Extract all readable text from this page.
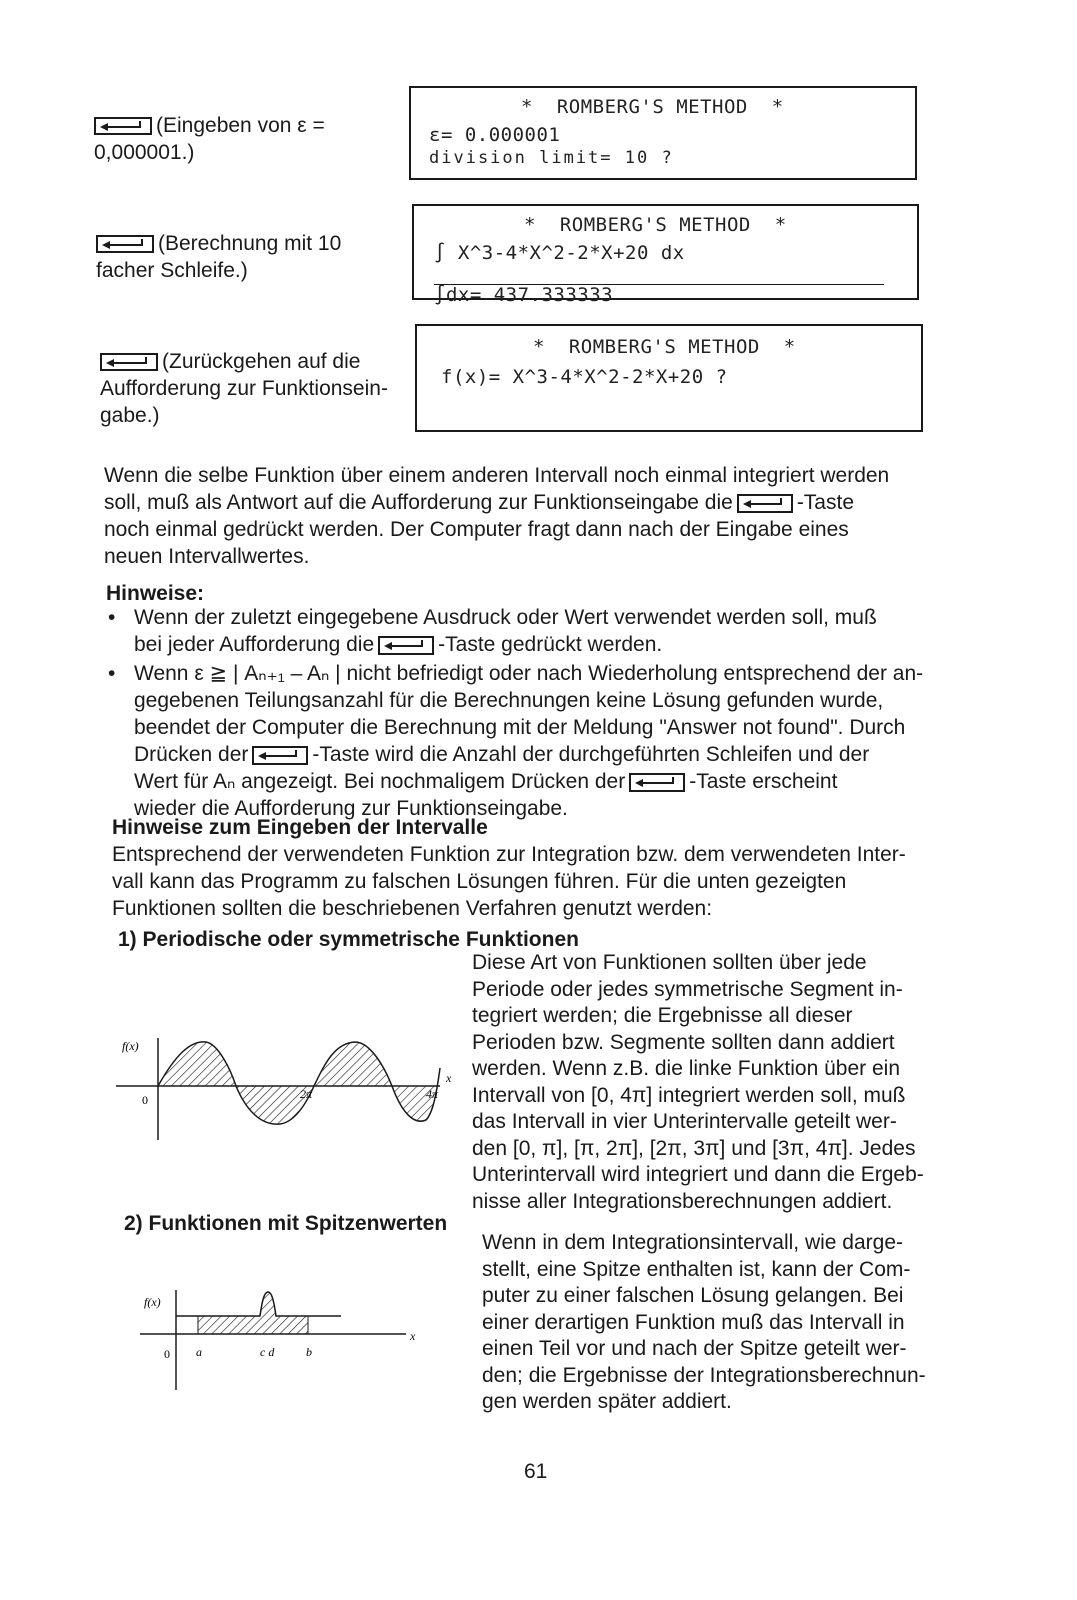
(Eingeben von ε = 0,000001.)
*  ROMBERG'S METHOD  *
ε= 0.000001
division limit= 10 ?
(Berechnung mit 10 facher Schleife.)
*  ROMBERG'S METHOD  *
∫ X^3-4*X^2-2*X+20 dx
∫dx= 437.333333
(Zurückgehen auf die Aufforderung zur Funktionsein-gabe.)
*  ROMBERG'S METHOD  *
f(x)= X^3-4*X^2-2*X+20 ?
Wenn die selbe Funktion über einem anderen Intervall noch einmal integriert werden
soll, muß als Antwort auf die Aufforderung zur Funktionseingabe die	-Taste
noch einmal gedrückt werden. Der Computer fragt dann nach der Eingabe eines
neuen Intervallwertes.
Hinweise:
• Wenn der zuletzt eingegebene Ausdruck oder Wert verwendet werden soll, muß
bei jeder Aufforderung die	-Taste gedrückt werden.
• Wenn ε ≧ | Aₙ₊₁ – Aₙ | nicht befriedigt oder nach Wiederholung entsprechend der an-
gegebenen Teilungsanzahl für die Berechnungen keine Lösung gefunden wurde,
beendet der Computer die Berechnung mit der Meldung "Answer not found". Durch
Drücken der	-Taste wird die Anzahl der durchgeführten Schleifen und der
Wert für Aₙ angezeigt. Bei nochmaligem Drücken der	-Taste erscheint
wieder die Aufforderung zur Funktionseingabe.
Hinweise zum Eingeben der Intervalle
Entsprechend der verwendeten Funktion zur Integration bzw. dem verwendeten Inter-
vall kann das Programm zu falschen Lösungen führen. Für die unten gezeigten
Funktionen sollten die beschriebenen Verfahren genutzt werden:
1) Periodische oder symmetrische Funktionen
Diese Art von Funktionen sollten über jede
Periode oder jedes symmetrische Segment in-
tegriert werden; die Ergebnisse all dieser
Perioden bzw. Segmente sollten dann addiert
werden. Wenn z.B. die linke Funktion über ein
Intervall von [0, 4π] integriert werden soll, muß
das Intervall in vier Unterintervalle geteilt wer-
den [0, π], [π, 2π], [2π, 3π] und [3π, 4π]. Jedes
Unterintervall wird integriert und dann die Ergeb-
nisse aller Integrationsberechnungen addiert.
f(x)
x
0	2π	4π
2) Funktionen mit Spitzenwerten
Wenn in dem Integrationsintervall, wie darge-
stellt, eine Spitze enthalten ist, kann der Com-
puter zu einer falschen Lösung gelangen. Bei
einer derartigen Funktion muß das Intervall in
einen Teil vor und nach der Spitze geteilt wer-
den; die Ergebnisse der Integrationsberechnun-
gen werden später addiert.
f(x)
x
0 a	c d	b
61
